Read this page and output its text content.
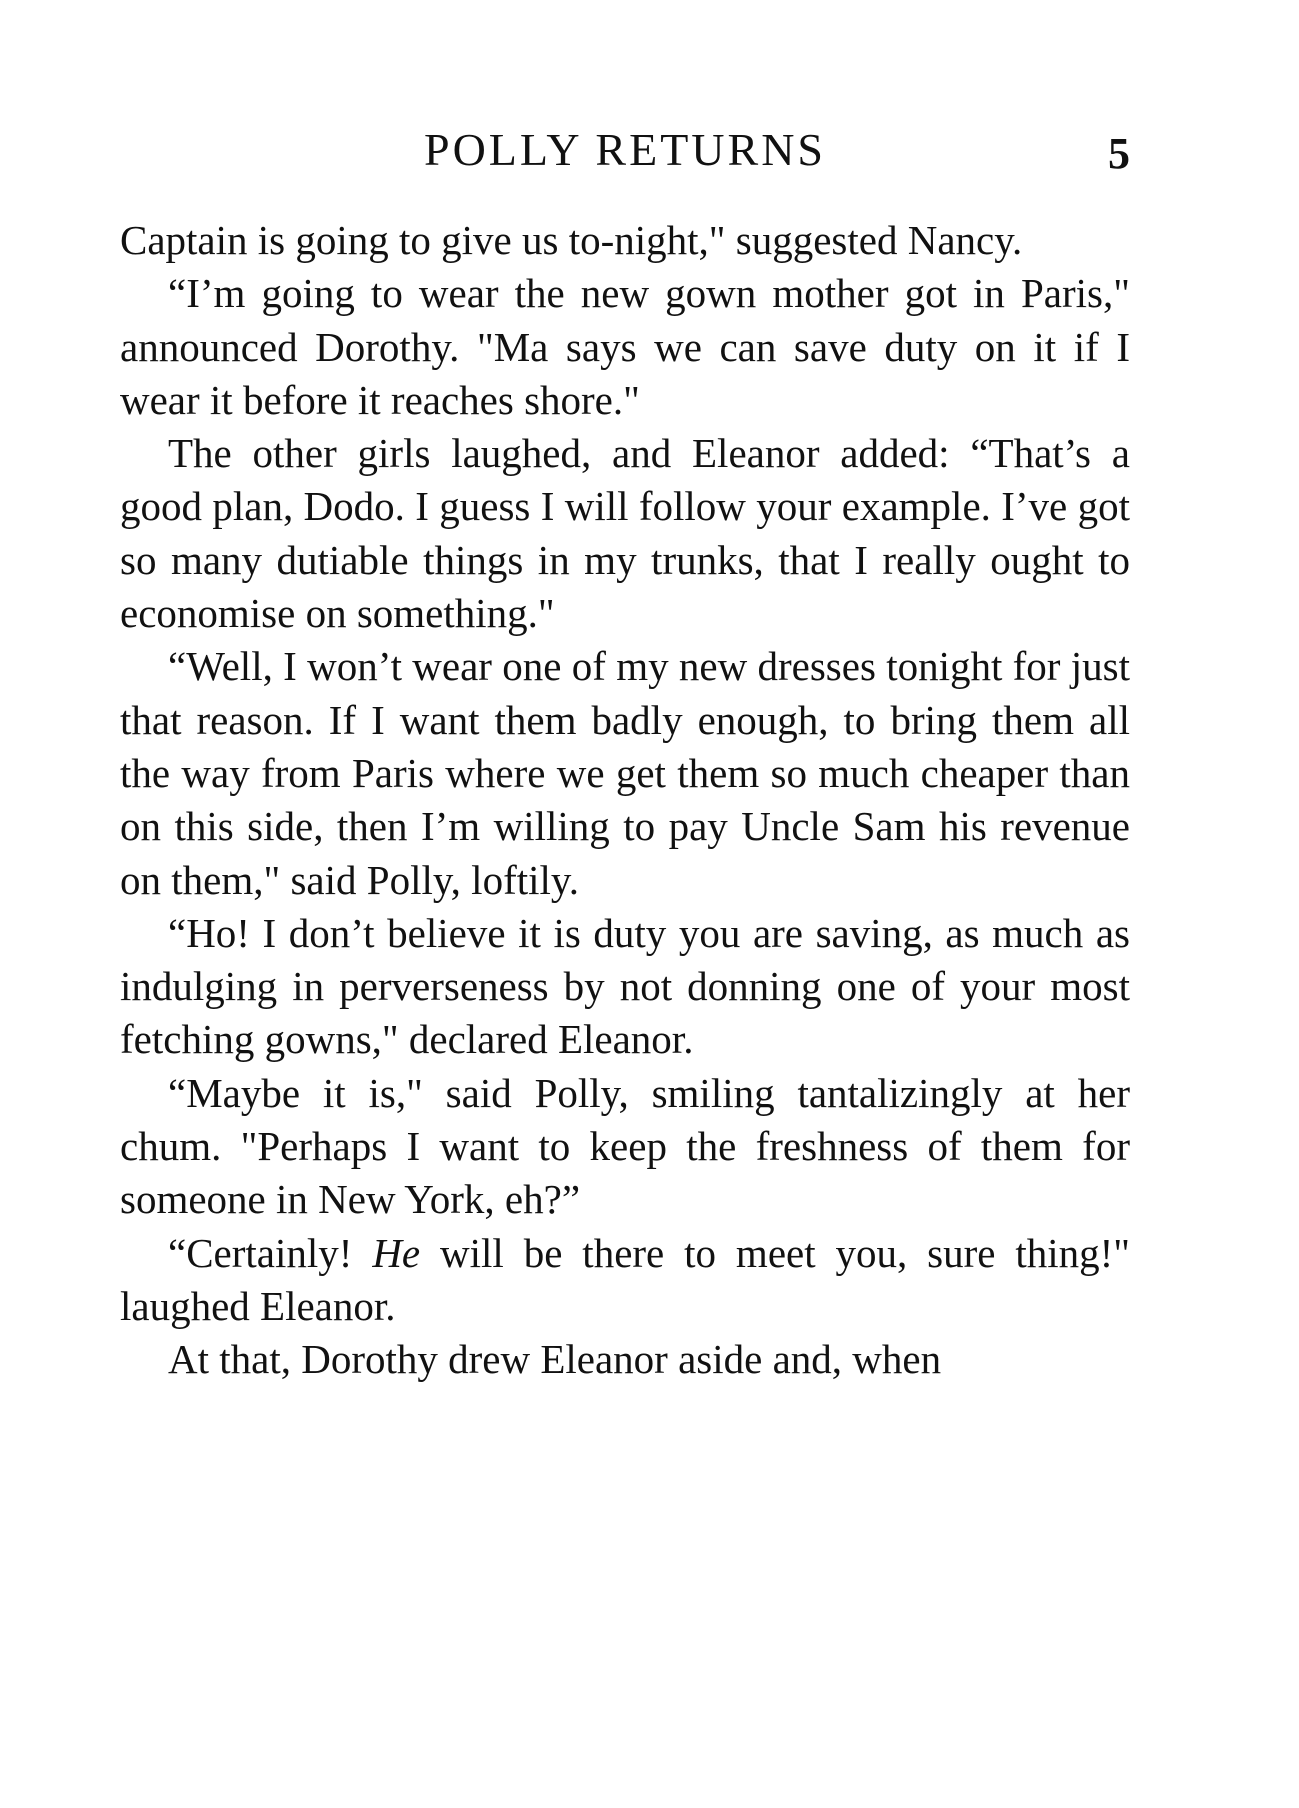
POLLY RETURNS	5

Captain is going to give us to-night," suggested Nancy.

“I’m going to wear the new gown mother got in Paris," announced Dorothy. "Ma says we can save duty on it if I wear it before it reaches shore."

The other girls laughed, and Eleanor added: “That’s a good plan, Dodo. I guess I will follow your example. I’ve got so many dutiable things in my trunks, that I really ought to economise on something."

“Well, I won’t wear one of my new dresses tonight for just that reason. If I want them badly enough, to bring them all the way from Paris where we get them so much cheaper than on this side, then I’m willing to pay Uncle Sam his revenue on them," said Polly, loftily.

“Ho! I don’t believe it is duty you are saving, as much as indulging in perverseness by not donning one of your most fetching gowns," declared Eleanor.

“Maybe it is," said Polly, smiling tantalizingly at her chum. "Perhaps I want to keep the freshness of them for someone in New York, eh?”

“Certainly! He will be there to meet you, sure thing!" laughed Eleanor.

At that, Dorothy drew Eleanor aside and, when
